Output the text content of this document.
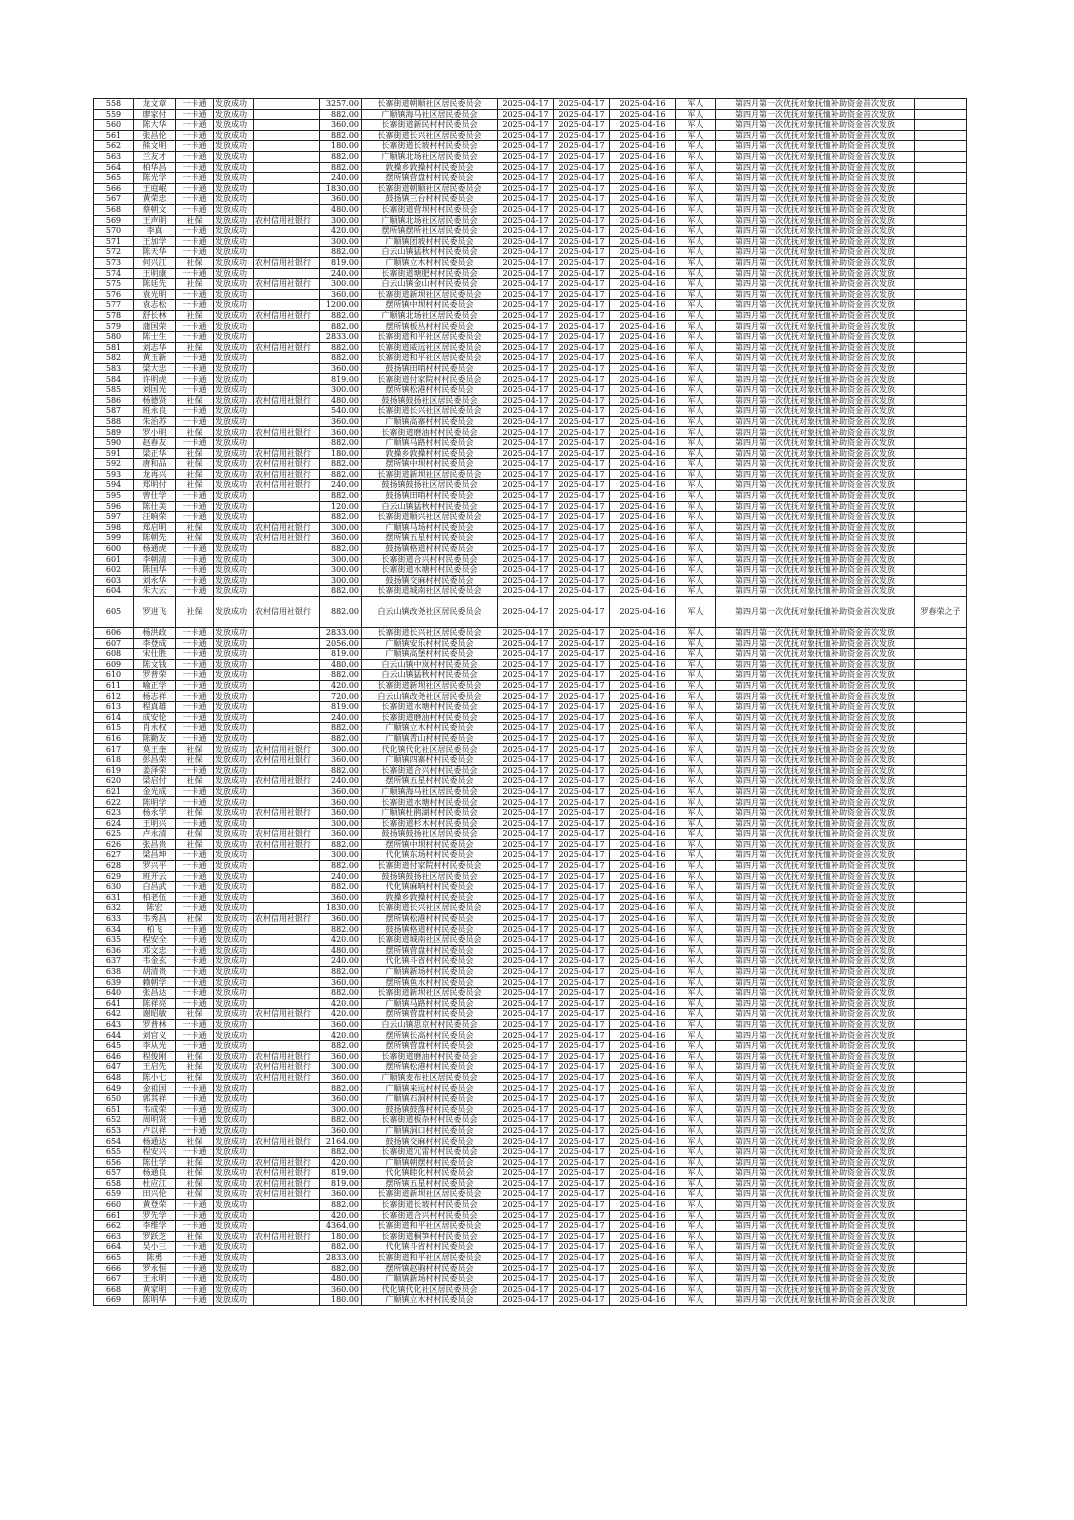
558	龙文章	一卡通	发放成功		3257.00	长寨街道朝顺社区居民委员会	2025-04-17	2025-04-17	2025-04-16	军人	第四月第一次优抚对象抚恤补助资金首次发放	
559	廖家付	一卡通	发放成功		882.00	广顺镇海马社区居民委员会	2025-04-17	2025-04-17	2025-04-16	军人	第四月第一次优抚对象抚恤补助资金首次发放	
560	陈大华	一卡通	发放成功		360.00	长寨街道新民村村民委员会	2025-04-17	2025-04-17	2025-04-16	军人	第四月第一次优抚对象抚恤补助资金首次发放	
561	张昌伦	一卡通	发放成功		882.00	长寨街道长兴社区居民委员会	2025-04-17	2025-04-17	2025-04-16	军人	第四月第一次优抚对象抚恤补助资金首次发放	
562	熊文明	一卡通	发放成功		180.00	长寨街道长坡村村民委员会	2025-04-17	2025-04-17	2025-04-16	军人	第四月第一次优抚对象抚恤补助资金首次发放	
563	兰友才	一卡通	发放成功		882.00	广顺镇北场社区居民委员会	2025-04-17	2025-04-17	2025-04-16	军人	第四月第一次优抚对象抚恤补助资金首次发放	
564	柏华昌	一卡通	发放成功		882.00	敦操乡敦操村村民委员会	2025-04-17	2025-04-17	2025-04-16	军人	第四月第一次优抚对象抚恤补助资金首次发放	
565	陈光学	一卡通	发放成功		240.00	摆所镇营盘村村民委员会	2025-04-17	2025-04-17	2025-04-16	军人	第四月第一次优抚对象抚恤补助资金首次发放	
566	王庭岷	一卡通	发放成功		1830.00	长寨街道朝顺社区居民委员会	2025-04-17	2025-04-17	2025-04-16	军人	第四月第一次优抚对象抚恤补助资金首次发放	
567	黄荣忠	一卡通	发放成功		360.00	鼓扬镇三台村村民委员会	2025-04-17	2025-04-17	2025-04-16	军人	第四月第一次优抚对象抚恤补助资金首次发放	
568	蔡朝文	一卡通	发放成功		480.00	长寨街道营坝村村民委员会	2025-04-17	2025-04-17	2025-04-16	军人	第四月第一次优抚对象抚恤补助资金首次发放	
569	王声明	社保	发放成功	农村信用社银行	300.00	广顺镇北场社区居民委员会	2025-04-17	2025-04-17	2025-04-16	军人	第四月第一次优抚对象抚恤补助资金首次发放	
570	李真	一卡通	发放成功		420.00	摆所镇摆所社区居民委员会	2025-04-17	2025-04-17	2025-04-16	军人	第四月第一次优抚对象抚恤补助资金首次发放	
571	王加学	一卡通	发放成功		300.00	广顺镇团坡村村民委员会	2025-04-17	2025-04-17	2025-04-16	军人	第四月第一次优抚对象抚恤补助资金首次发放	
572	陈天华	一卡通	发放成功		882.00	白云山镇猛秋村村民委员会	2025-04-17	2025-04-17	2025-04-16	军人	第四月第一次优抚对象抚恤补助资金首次发放	
573	何兴江	社保	发放成功	农村信用社银行	819.00	广顺镇立木村村民委员会	2025-04-17	2025-04-17	2025-04-16	军人	第四月第一次优抚对象抚恤补助资金首次发放	
574	王明康	一卡通	发放成功		240.00	长寨街道塘肥村村民委员会	2025-04-17	2025-04-17	2025-04-16	军人	第四月第一次优抚对象抚恤补助资金首次发放	
575	陈廷先	社保	发放成功	农村信用社银行	300.00	白云山镇金山村村民委员会	2025-04-17	2025-04-17	2025-04-16	军人	第四月第一次优抚对象抚恤补助资金首次发放	
576	袁光明	一卡通	发放成功		360.00	长寨街道新坝社区居民委员会	2025-04-17	2025-04-17	2025-04-16	军人	第四月第一次优抚对象抚恤补助资金首次发放	
577	袁志松	一卡通	发放成功		1200.00	摆所镇中坝村村民委员会	2025-04-17	2025-04-17	2025-04-16	军人	第四月第一次优抚对象抚恤补助资金首次发放	
578	舒长林	社保	发放成功	农村信用社银行	882.00	广顺镇北场社区居民委员会	2025-04-17	2025-04-17	2025-04-16	军人	第四月第一次优抚对象抚恤补助资金首次发放	
579	蒲国荣	一卡通	发放成功		882.00	摆所镇板丛村村民委员会	2025-04-17	2025-04-17	2025-04-16	军人	第四月第一次优抚对象抚恤补助资金首次发放	
580	陈士生	一卡通	发放成功		2833.00	长寨街道和平社区居民委员会	2025-04-17	2025-04-17	2025-04-16	军人	第四月第一次优抚对象抚恤补助资金首次发放	
581	刘志华	社保	发放成功	农村信用社银行	882.00	长寨街道威远社区居民委员会	2025-04-17	2025-04-17	2025-04-16	军人	第四月第一次优抚对象抚恤补助资金首次发放	
582	黄玉新	一卡通	发放成功		882.00	长寨街道和平社区居民委员会	2025-04-17	2025-04-17	2025-04-16	军人	第四月第一次优抚对象抚恤补助资金首次发放	
583	梁大忠	一卡通	发放成功		360.00	鼓扬镇田哨村村民委员会	2025-04-17	2025-04-17	2025-04-16	军人	第四月第一次优抚对象抚恤补助资金首次发放	
584	许明虎	一卡通	发放成功		819.00	长寨街道付家院村村民委员会	2025-04-17	2025-04-17	2025-04-16	军人	第四月第一次优抚对象抚恤补助资金首次发放	
585	刘国光	一卡通	发放成功		300.00	摆所镇松港村村民委员会	2025-04-17	2025-04-17	2025-04-16	军人	第四月第一次优抚对象抚恤补助资金首次发放	
586	杨德贤	社保	发放成功	农村信用社银行	480.00	鼓扬镇鼓扬社区居民委员会	2025-04-17	2025-04-17	2025-04-16	军人	第四月第一次优抚对象抚恤补助资金首次发放	
587	班永良	一卡通	发放成功		540.00	长寨街道长兴社区居民委员会	2025-04-17	2025-04-17	2025-04-16	军人	第四月第一次优抚对象抚恤补助资金首次发放	
588	朱治苏	一卡通	发放成功		360.00	广顺镇高寨村村民委员会	2025-04-17	2025-04-17	2025-04-16	军人	第四月第一次优抚对象抚恤补助资金首次发放	
589	罗小明	社保	发放成功	农村信用社银行	360.00	长寨街道磨油村村民委员会	2025-04-17	2025-04-17	2025-04-16	军人	第四月第一次优抚对象抚恤补助资金首次发放	
590	赵春友	一卡通	发放成功		882.00	广顺镇马路村村民委员会	2025-04-17	2025-04-17	2025-04-16	军人	第四月第一次优抚对象抚恤补助资金首次发放	
591	梁正华	社保	发放成功	农村信用社银行	180.00	敦操乡敦操村村民委员会	2025-04-17	2025-04-17	2025-04-16	军人	第四月第一次优抚对象抚恤补助资金首次发放	
592	唐和品	社保	发放成功	农村信用社银行	882.00	摆所镇中坝村村民委员会	2025-04-17	2025-04-17	2025-04-16	军人	第四月第一次优抚对象抚恤补助资金首次发放	
593	龙再兴	社保	发放成功	农村信用社银行	882.00	长寨街道新坝社区居民委员会	2025-04-17	2025-04-17	2025-04-16	军人	第四月第一次优抚对象抚恤补助资金首次发放	
594	郑明付	社保	发放成功	农村信用社银行	240.00	鼓扬镇鼓扬社区居民委员会	2025-04-17	2025-04-17	2025-04-16	军人	第四月第一次优抚对象抚恤补助资金首次发放	
595	曾仕学	一卡通	发放成功		882.00	鼓扬镇田哨村村民委员会	2025-04-17	2025-04-17	2025-04-16	军人	第四月第一次优抚对象抚恤补助资金首次发放	
596	陈仕美	一卡通	发放成功		120.00	白云山镇猛秋村村民委员会	2025-04-17	2025-04-17	2025-04-16	军人	第四月第一次优抚对象抚恤补助资金首次发放	
597	汪晌荣	一卡通	发放成功		882.00	长寨街道顺兴社区居民委员会	2025-04-17	2025-04-17	2025-04-16	军人	第四月第一次优抚对象抚恤补助资金首次发放	
598	郑启明	社保	发放成功	农村信用社银行	300.00	广顺镇马场村村民委员会	2025-04-17	2025-04-17	2025-04-16	军人	第四月第一次优抚对象抚恤补助资金首次发放	
599	陈朝先	社保	发放成功	农村信用社银行	360.00	摆所镇五星村村民委员会	2025-04-17	2025-04-17	2025-04-16	军人	第四月第一次优抚对象抚恤补助资金首次发放	
600	杨通虎	一卡通	发放成功		882.00	鼓扬镇格道村村民委员会	2025-04-17	2025-04-17	2025-04-16	军人	第四月第一次优抚对象抚恤补助资金首次发放	
601	李朝清	一卡通	发放成功		300.00	长寨街道合兴村村民委员会	2025-04-17	2025-04-17	2025-04-16	军人	第四月第一次优抚对象抚恤补助资金首次发放	
602	陈国华	一卡通	发放成功		300.00	长寨街道水塘村村民委员会	2025-04-17	2025-04-17	2025-04-16	军人	第四月第一次优抚对象抚恤补助资金首次发放	
603	刘永华	一卡通	发放成功		300.00	鼓扬镇交麻村村民委员会	2025-04-17	2025-04-17	2025-04-16	军人	第四月第一次优抚对象抚恤补助资金首次发放	
604	朱大云	一卡通	发放成功		882.00	长寨街道城南社区居民委员会	2025-04-17	2025-04-17	2025-04-16	军人	第四月第一次优抚对象抚恤补助资金首次发放	
605	罗进飞	社保	发放成功	农村信用社银行	882.00	白云山镇改尧社区居民委员会	2025-04-17	2025-04-17	2025-04-16	军人	第四月第一次优抚对象抚恤补助资金首次发放	罗春荣之子
606	杨洪政	一卡通	发放成功		2833.00	长寨街道长兴社区居民委员会	2025-04-17	2025-04-17	2025-04-16	军人	第四月第一次优抚对象抚恤补助资金首次发放	
607	李登成	一卡通	发放成功		2056.00	广顺镇安乐村村民委员会	2025-04-17	2025-04-17	2025-04-16	军人	第四月第一次优抚对象抚恤补助资金首次发放	
608	宋仕胜	一卡通	发放成功		819.00	广顺镇高堡村村民委员会	2025-04-17	2025-04-17	2025-04-16	军人	第四月第一次优抚对象抚恤补助资金首次发放	
609	陈文钱	一卡通	发放成功		480.00	白云山镇中岚村村民委员会	2025-04-17	2025-04-17	2025-04-16	军人	第四月第一次优抚对象抚恤补助资金首次发放	
610	罗普荣	一卡通	发放成功		882.00	白云山镇猛秋村村民委员会	2025-04-17	2025-04-17	2025-04-16	军人	第四月第一次优抚对象抚恤补助资金首次发放	
611	喻正学	一卡通	发放成功		420.00	长寨街道新坝社区居民委员会	2025-04-17	2025-04-17	2025-04-16	军人	第四月第一次优抚对象抚恤补助资金首次发放	
612	杨志祥	一卡通	发放成功		720.00	白云山镇改尧社区居民委员会	2025-04-17	2025-04-17	2025-04-16	军人	第四月第一次优抚对象抚恤补助资金首次发放	
613	程真雄	一卡通	发放成功		819.00	长寨街道水塘村村民委员会	2025-04-17	2025-04-17	2025-04-16	军人	第四月第一次优抚对象抚恤补助资金首次发放	
614	成安伦	一卡通	发放成功		240.00	长寨街道磨油村村民委员会	2025-04-17	2025-04-17	2025-04-16	军人	第四月第一次优抚对象抚恤补助资金首次发放	
615	肖永权	一卡通	发放成功		882.00	广顺镇立木村村民委员会	2025-04-17	2025-04-17	2025-04-16	军人	第四月第一次优抚对象抚恤补助资金首次发放	
616	陈勤友	一卡通	发放成功		882.00	广顺镇青山村村民委员会	2025-04-17	2025-04-17	2025-04-16	军人	第四月第一次优抚对象抚恤补助资金首次发放	
617	莫王奎	社保	发放成功	农村信用社银行	300.00	代化镇代化社区居民委员会	2025-04-17	2025-04-17	2025-04-16	军人	第四月第一次优抚对象抚恤补助资金首次发放	
618	彭昌荣	社保	发放成功	农村信用社银行	360.00	广顺镇四寨村村民委员会	2025-04-17	2025-04-17	2025-04-16	军人	第四月第一次优抚对象抚恤补助资金首次发放	
619	姜泽荣	一卡通	发放成功		882.00	长寨街道合兴村村民委员会	2025-04-17	2025-04-17	2025-04-16	军人	第四月第一次优抚对象抚恤补助资金首次发放	
620	梁启付	社保	发放成功	农村信用社银行	240.00	摆所镇五星村村民委员会	2025-04-17	2025-04-17	2025-04-16	军人	第四月第一次优抚对象抚恤补助资金首次发放	
621	金光成	一卡通	发放成功		360.00	广顺镇海马社区居民委员会	2025-04-17	2025-04-17	2025-04-16	军人	第四月第一次优抚对象抚恤补助资金首次发放	
622	陈明学	一卡通	发放成功		360.00	长寨街道水塘村村民委员会	2025-04-17	2025-04-17	2025-04-16	军人	第四月第一次优抚对象抚恤补助资金首次发放	
623	杨永学	社保	发放成功	农村信用社银行	360.00	广顺镇杜鹃湖村村民委员会	2025-04-17	2025-04-17	2025-04-16	军人	第四月第一次优抚对象抚恤补助资金首次发放	
624	王明兴	一卡通	发放成功		300.00	长寨街道杉木村村民委员会	2025-04-17	2025-04-17	2025-04-16	军人	第四月第一次优抚对象抚恤补助资金首次发放	
625	卢永清	社保	发放成功	农村信用社银行	360.00	鼓扬镇鼓扬社区居民委员会	2025-04-17	2025-04-17	2025-04-16	军人	第四月第一次优抚对象抚恤补助资金首次发放	
626	张昌贵	社保	发放成功	农村信用社银行	882.00	摆所镇中坝村村民委员会	2025-04-17	2025-04-17	2025-04-16	军人	第四月第一次优抚对象抚恤补助资金首次发放	
627	梁昌坤	一卡通	发放成功		300.00	代化镇东场村村民委员会	2025-04-17	2025-04-17	2025-04-16	军人	第四月第一次优抚对象抚恤补助资金首次发放	
628	罗兴平	一卡通	发放成功		882.00	长寨街道付家院村村民委员会	2025-04-17	2025-04-17	2025-04-16	军人	第四月第一次优抚对象抚恤补助资金首次发放	
629	班开云	一卡通	发放成功		240.00	鼓扬镇鼓扬社区居民委员会	2025-04-17	2025-04-17	2025-04-16	军人	第四月第一次优抚对象抚恤补助资金首次发放	
630	白昌武	一卡通	发放成功		882.00	代化镇麻响村村民委员会	2025-04-17	2025-04-17	2025-04-16	军人	第四月第一次优抚对象抚恤补助资金首次发放	
631	柏老伍	一卡通	发放成功		360.00	敦操乡敦操村村民委员会	2025-04-17	2025-04-17	2025-04-16	军人	第四月第一次优抚对象抚恤补助资金首次发放	
632	陈宏	一卡通	发放成功		1830.00	长寨街道长兴社区居民委员会	2025-04-17	2025-04-17	2025-04-16	军人	第四月第一次优抚对象抚恤补助资金首次发放	
633	韦秀昌	社保	发放成功	农村信用社银行	360.00	摆所镇松港村村民委员会	2025-04-17	2025-04-17	2025-04-16	军人	第四月第一次优抚对象抚恤补助资金首次发放	
634	柏飞	一卡通	发放成功		882.00	鼓扬镇格道村村民委员会	2025-04-17	2025-04-17	2025-04-16	军人	第四月第一次优抚对象抚恤补助资金首次发放	
635	程安全	一卡通	发放成功		420.00	长寨街道城南社区居民委员会	2025-04-17	2025-04-17	2025-04-16	军人	第四月第一次优抚对象抚恤补助资金首次发放	
636	邓文忠	一卡通	发放成功		480.00	摆所镇营盘村村民委员会	2025-04-17	2025-04-17	2025-04-16	军人	第四月第一次优抚对象抚恤补助资金首次发放	
637	韦金玄	一卡通	发放成功		240.00	代化镇斗省村村民委员会	2025-04-17	2025-04-17	2025-04-16	军人	第四月第一次优抚对象抚恤补助资金首次发放	
638	胡清贵	一卡通	发放成功		882.00	广顺镇新场村村民委员会	2025-04-17	2025-04-17	2025-04-16	军人	第四月第一次优抚对象抚恤补助资金首次发放	
639	赖朝学	一卡通	发放成功		360.00	摆所镇鱼水村村民委员会	2025-04-17	2025-04-17	2025-04-16	军人	第四月第一次优抚对象抚恤补助资金首次发放	
640	张昌达	一卡通	发放成功		882.00	长寨街道新坝社区居民委员会	2025-04-17	2025-04-17	2025-04-16	军人	第四月第一次优抚对象抚恤补助资金首次发放	
641	陈祥亮	一卡通	发放成功		420.00	广顺镇马路村村民委员会	2025-04-17	2025-04-17	2025-04-16	军人	第四月第一次优抚对象抚恤补助资金首次发放	
642	谢昭敏	社保	发放成功	农村信用社银行	420.00	摆所镇营盘村村民委员会	2025-04-17	2025-04-17	2025-04-16	军人	第四月第一次优抚对象抚恤补助资金首次发放	
643	罗普林	一卡通	发放成功		360.00	白云山镇思京村村民委员会	2025-04-17	2025-04-17	2025-04-16	军人	第四月第一次优抚对象抚恤补助资金首次发放	
644	刘官义	一卡通	发放成功		420.00	摆所镇长高村村民委员会	2025-04-17	2025-04-17	2025-04-16	军人	第四月第一次优抚对象抚恤补助资金首次发放	
645	李从光	一卡通	发放成功		882.00	摆所镇营盘村村民委员会	2025-04-17	2025-04-17	2025-04-16	军人	第四月第一次优抚对象抚恤补助资金首次发放	
646	程俊刚	社保	发放成功	农村信用社银行	360.00	长寨街道磨油村村民委员会	2025-04-17	2025-04-17	2025-04-16	军人	第四月第一次优抚对象抚恤补助资金首次发放	
647	王启先	社保	发放成功	农村信用社银行	300.00	摆所镇松港村村民委员会	2025-04-17	2025-04-17	2025-04-16	军人	第四月第一次优抚对象抚恤补助资金首次发放	
648	陈小七	社保	发放成功	农村信用社银行	360.00	广顺镇麦布社区居民委员会	2025-04-17	2025-04-17	2025-04-16	军人	第四月第一次优抚对象抚恤补助资金首次发放	
649	金祖国	一卡通	发放成功		882.00	广顺镇来远村村民委员会	2025-04-17	2025-04-17	2025-04-16	军人	第四月第一次优抚对象抚恤补助资金首次发放	
650	郭其祥	一卡通	发放成功		360.00	广顺镇石洞村村民委员会	2025-04-17	2025-04-17	2025-04-16	军人	第四月第一次优抚对象抚恤补助资金首次发放	
651	韦成荣	一卡通	发放成功		300.00	鼓扬镇鼓落村村民委员会	2025-04-17	2025-04-17	2025-04-16	军人	第四月第一次优抚对象抚恤补助资金首次发放	
652	周明贤	一卡通	发放成功		882.00	长寨街道板杂村村民委员会	2025-04-17	2025-04-17	2025-04-16	军人	第四月第一次优抚对象抚恤补助资金首次发放	
653	卢以祥	一卡通	发放成功		360.00	广顺镇洞口村村民委员会	2025-04-17	2025-04-17	2025-04-16	军人	第四月第一次优抚对象抚恤补助资金首次发放	
654	杨通达	社保	发放成功	农村信用社银行	2164.00	鼓扬镇交麻村村民委员会	2025-04-17	2025-04-17	2025-04-16	军人	第四月第一次优抚对象抚恤补助资金首次发放	
655	程安兴	一卡通	发放成功		882.00	长寨街道冗雷村村民委员会	2025-04-17	2025-04-17	2025-04-16	军人	第四月第一次优抚对象抚恤补助资金首次发放	
656	陈仕学	社保	发放成功	农村信用社银行	420.00	广顺镇朝摆村村民委员会	2025-04-17	2025-04-17	2025-04-16	军人	第四月第一次优抚对象抚恤补助资金首次发放	
657	杨通良	社保	发放成功	农村信用社银行	819.00	代化镇睦化村村民委员会	2025-04-17	2025-04-17	2025-04-16	军人	第四月第一次优抚对象抚恤补助资金首次发放	
658	杜应江	社保	发放成功	农村信用社银行	819.00	摆所镇五星村村民委员会	2025-04-17	2025-04-17	2025-04-16	军人	第四月第一次优抚对象抚恤补助资金首次发放	
659	田兴伦	社保	发放成功	农村信用社银行	360.00	长寨街道新坝社区居民委员会	2025-04-17	2025-04-17	2025-04-16	军人	第四月第一次优抚对象抚恤补助资金首次发放	
660	黄登荣	一卡通	发放成功		882.00	长寨街道长坡村村民委员会	2025-04-17	2025-04-17	2025-04-16	军人	第四月第一次优抚对象抚恤补助资金首次发放	
661	罗先学	一卡通	发放成功		420.00	长寨街道合兴村村民委员会	2025-04-17	2025-04-17	2025-04-16	军人	第四月第一次优抚对象抚恤补助资金首次发放	
662	李维学	一卡通	发放成功		4364.00	长寨街道和平社区居民委员会	2025-04-17	2025-04-17	2025-04-16	军人	第四月第一次优抚对象抚恤补助资金首次发放	
663	罗跃芝	社保	发放成功	农村信用社银行	180.00	长寨街道桐笋村村民委员会	2025-04-17	2025-04-17	2025-04-16	军人	第四月第一次优抚对象抚恤补助资金首次发放	
664	吴小三	一卡通	发放成功		882.00	代化镇斗省村村民委员会	2025-04-17	2025-04-17	2025-04-16	军人	第四月第一次优抚对象抚恤补助资金首次发放	
665	陈勇	一卡通	发放成功		2833.00	长寨街道和平社区居民委员会	2025-04-17	2025-04-17	2025-04-16	军人	第四月第一次优抚对象抚恤补助资金首次发放	
666	罗永恒	一卡通	发放成功		882.00	摆所镇赵驹村村民委员会	2025-04-17	2025-04-17	2025-04-16	军人	第四月第一次优抚对象抚恤补助资金首次发放	
667	王永明	一卡通	发放成功		480.00	广顺镇新场村村民委员会	2025-04-17	2025-04-17	2025-04-16	军人	第四月第一次优抚对象抚恤补助资金首次发放	
668	黄家明	一卡通	发放成功		360.00	代化镇代化社区居民委员会	2025-04-17	2025-04-17	2025-04-16	军人	第四月第一次优抚对象抚恤补助资金首次发放	
669	陈明华	一卡通	发放成功		180.00	广顺镇立木村村民委员会	2025-04-17	2025-04-17	2025-04-16	军人	第四月第一次优抚对象抚恤补助资金首次发放	
